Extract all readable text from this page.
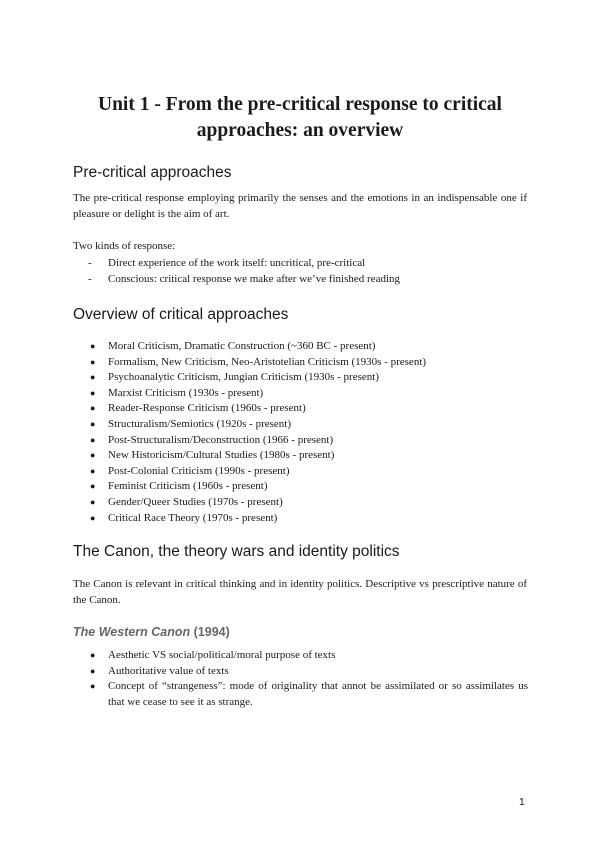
Unit 1 - From the pre-critical response to critical approaches: an overview
Pre-critical approaches

The pre-critical response employing primarily the senses and the emotions in an indispensable one if pleasure or delight is the aim of art.

Two kinds of response:

- Direct experience of the work itself: uncritical, pre-critical
- Conscious: critical response we make after we’ve finished reading
Overview of critical approaches
● Moral Criticism, Dramatic Construction (~360 BC - present)
● Formalism, New Criticism, Neo-Aristotelian Criticism (1930s - present)
● Psychoanalytic Criticism, Jungian Criticism (1930s - present)
● Marxist Criticism (1930s - present)
● Reader-Response Criticism (1960s - present)
● Structuralism/Semiotics (1920s - present)
● Post-Structuralism/Deconstruction (1966 - present)
● New Historicism/Cultural Studies (1980s - present)
● Post-Colonial Criticism (1990s - present)
● Feminist Criticism (1960s - present)
● Gender/Queer Studies (1970s - present)
● Critical Race Theory (1970s - present)
The Canon, the theory wars and identity politics

The Canon is relevant in critical thinking and in identity politics. Descriptive vs prescriptive nature of the Canon.

The Western Canon (1994)
● Aesthetic VS social/political/moral purpose of texts
● Authoritative value of texts
● Concept of “strangeness”: mode of originality that annot be assimilated or so assimilates us that we cease to see it as strange.

1
